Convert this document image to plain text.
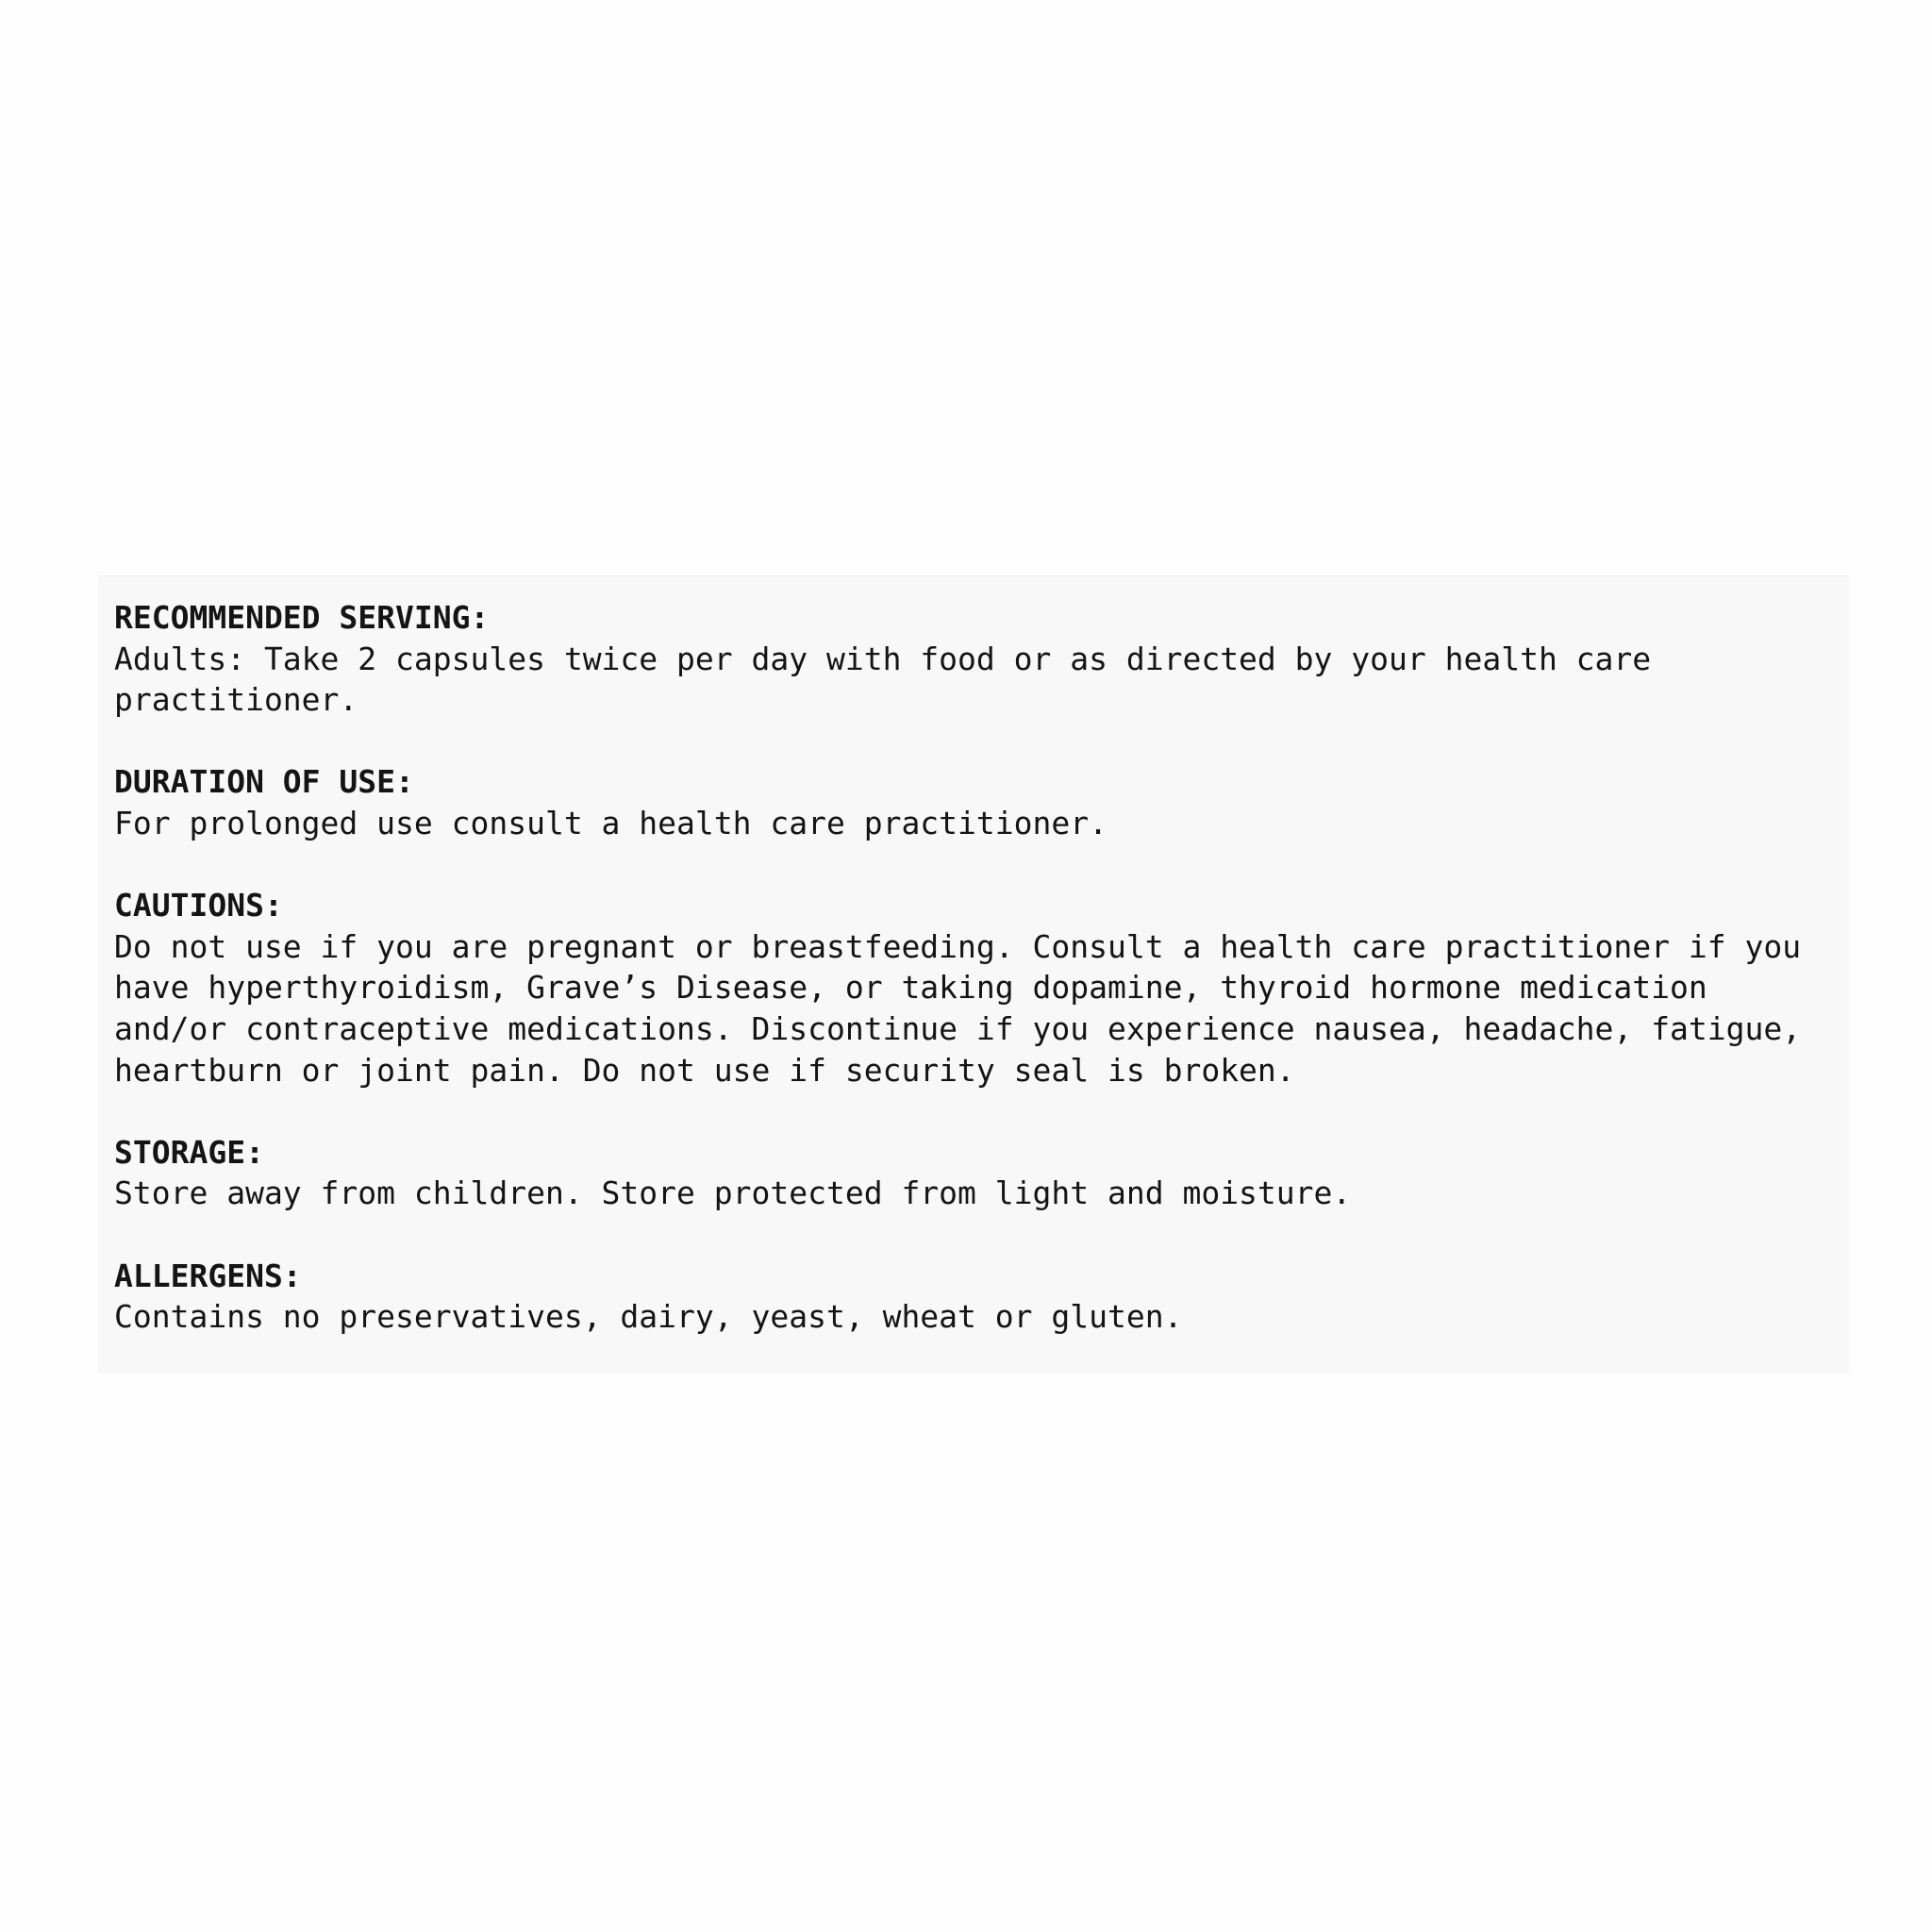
RECOMMENDED SERVING:
Adults: Take 2 capsules twice per day with food or as directed by your health care
practitioner.
DURATION OF USE:
For prolonged use consult a health care practitioner.
CAUTIONS:
Do not use if you are pregnant or breastfeeding. Consult a health care practitioner if you
have hyperthyroidism, Grave’s Disease, or taking dopamine, thyroid hormone medication
and/or contraceptive medications. Discontinue if you experience nausea, headache, fatigue,
heartburn or joint pain. Do not use if security seal is broken.
STORAGE:
Store away from children. Store protected from light and moisture.
ALLERGENS:
Contains no preservatives, dairy, yeast, wheat or gluten.
